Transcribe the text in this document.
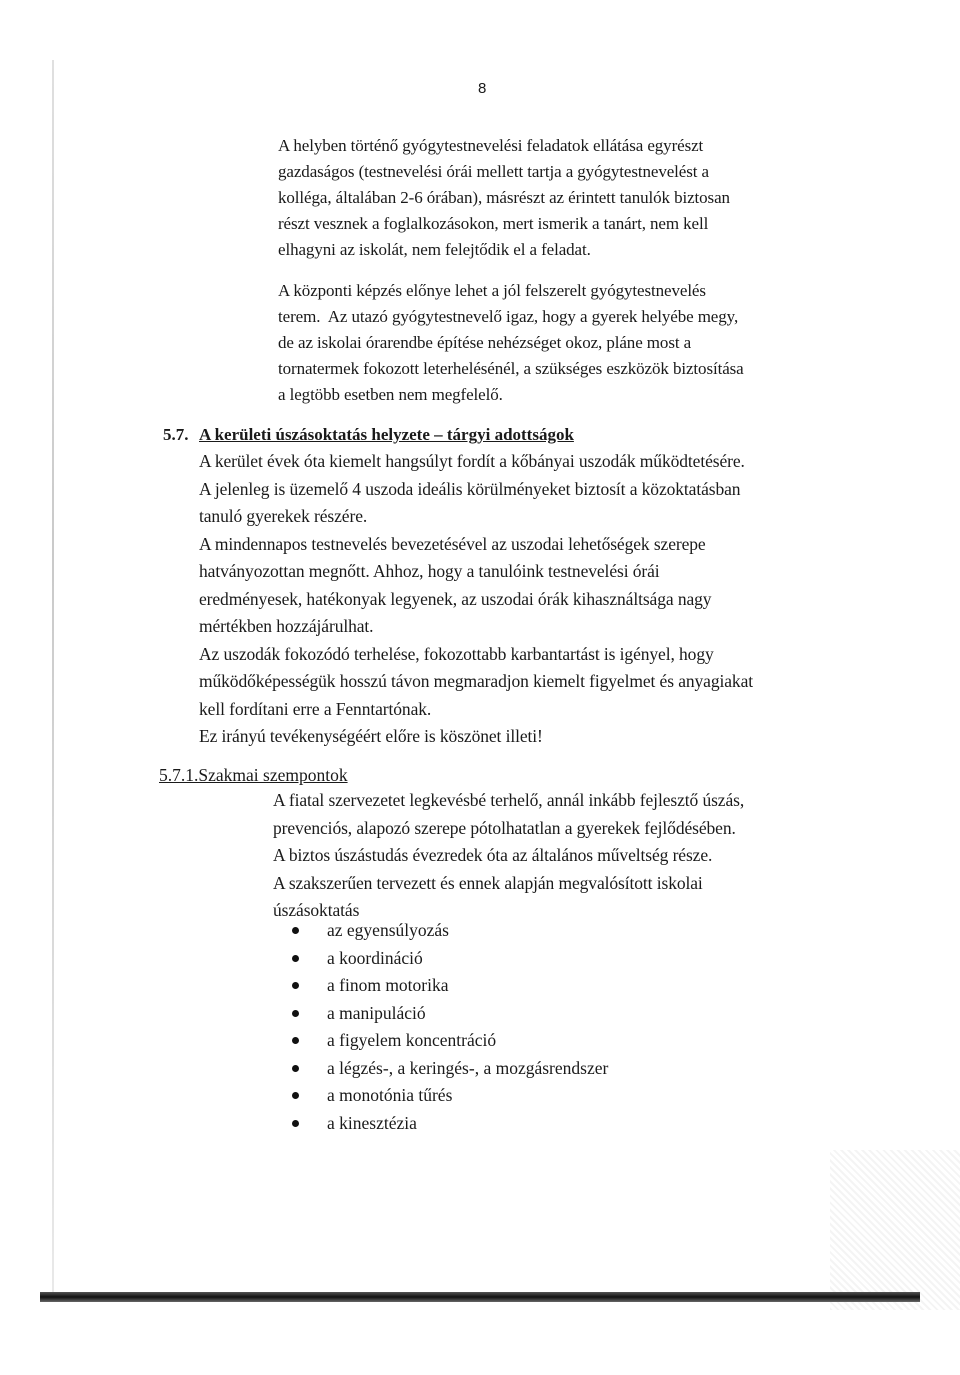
8

A helyben történő gyógytestnevelési feladatok ellátása egyrészt

gazdaságos (testnevelési órái mellett tartja a gyógytestnevelést a

kolléga, általában 2-6 órában), másrészt az érintett tanulók biztosan

részt vesznek a foglalkozásokon, mert ismerik a tanárt, nem kell

elhagyni az iskolát, nem felejtődik el a feladat.

A központi képzés előnye lehet a jól felszerelt gyógytestnevelés

terem.  Az utazó gyógytestnevelő igaz, hogy a gyerek helyébe megy,

de az iskolai órarendbe építése nehézséget okoz, pláne most a

tornatermek fokozott leterhelésénél, a szükséges eszközök biztosítása

a legtöbb esetben nem megfelelő.

5.7. A kerületi úszásoktatás helyzete – tárgyi adottságok

A kerület évek óta kiemelt hangsúlyt fordít a kőbányai uszodák működtetésére.

A jelenleg is üzemelő 4 uszoda ideális körülményeket biztosít a közoktatásban

tanuló gyerekek részére.

A mindennapos testnevelés bevezetésével az uszodai lehetőségek szerepe

hatványozottan megnőtt. Ahhoz, hogy a tanulóink testnevelési órái

eredményesek, hatékonyak legyenek, az uszodai órák kihasználtsága nagy

mértékben hozzájárulhat.

Az uszodák fokozódó terhelése, fokozottabb karbantartást is igényel, hogy

működőképességük hosszú távon megmaradjon kiemelt figyelmet és anyagiakat

kell fordítani erre a Fenntartónak.

Ez irányú tevékenységéért előre is köszönet illeti!

5.7.1.Szakmai szempontok

A fiatal szervezetet legkevésbé terhelő, annál inkább fejlesztő úszás,

prevenciós, alapozó szerepe pótolhatatlan a gyerekek fejlődésében.

A biztos úszástudás évezredek óta az általános műveltség része.

A szakszerűen tervezett és ennek alapján megvalósított iskolai

úszásoktatás

az egyensúlyozás
a koordináció
a finom motorika
a manipuláció
a figyelem koncentráció
a légzés-, a keringés-, a mozgásrendszer
a monotónia tűrés
a kinesztézia
